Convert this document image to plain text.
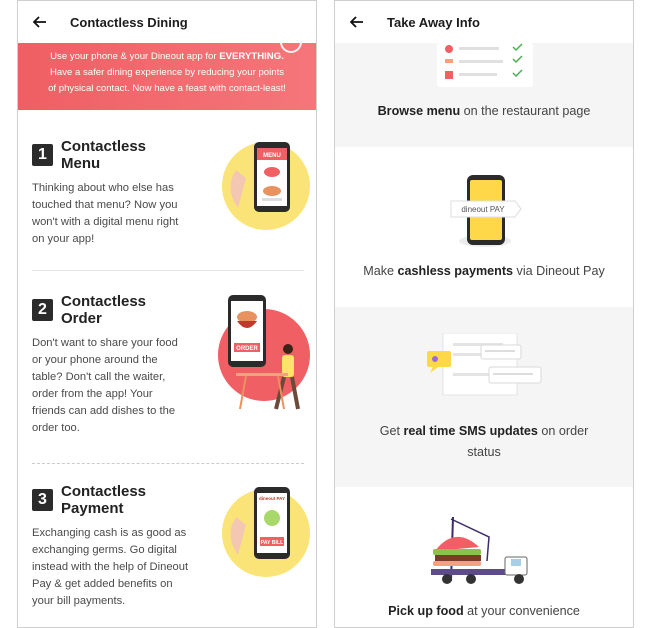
Contactless Dining
Use your phone & your Dineout app for EVERYTHING.
Have a safer dining experience by reducing your points
of physical contact. Now have a feast with contact-least!
1 Contactless
Menu
Thinking about who else has
touched that menu? Now you
won't with a digital menu right
on your app!
MENU
2 Contactless
Order
Don't want to share your food
or your phone around the
table? Don't call the waiter,
order from the app! Your
friends can add dishes to the
order too.
ORDER
3 Contactless
Payment
Exchanging cash is as good as
exchanging germs. Go digital
instead with the help of Dineout
Pay & get added benefits on
your bill payments.
dineout PAY
PAY BILL
Take Away Info
Browse menu on the restaurant page
dineout PAY
Make cashless payments via Dineout Pay
Get real time SMS updates on order
status
Pick up food at your convenience
